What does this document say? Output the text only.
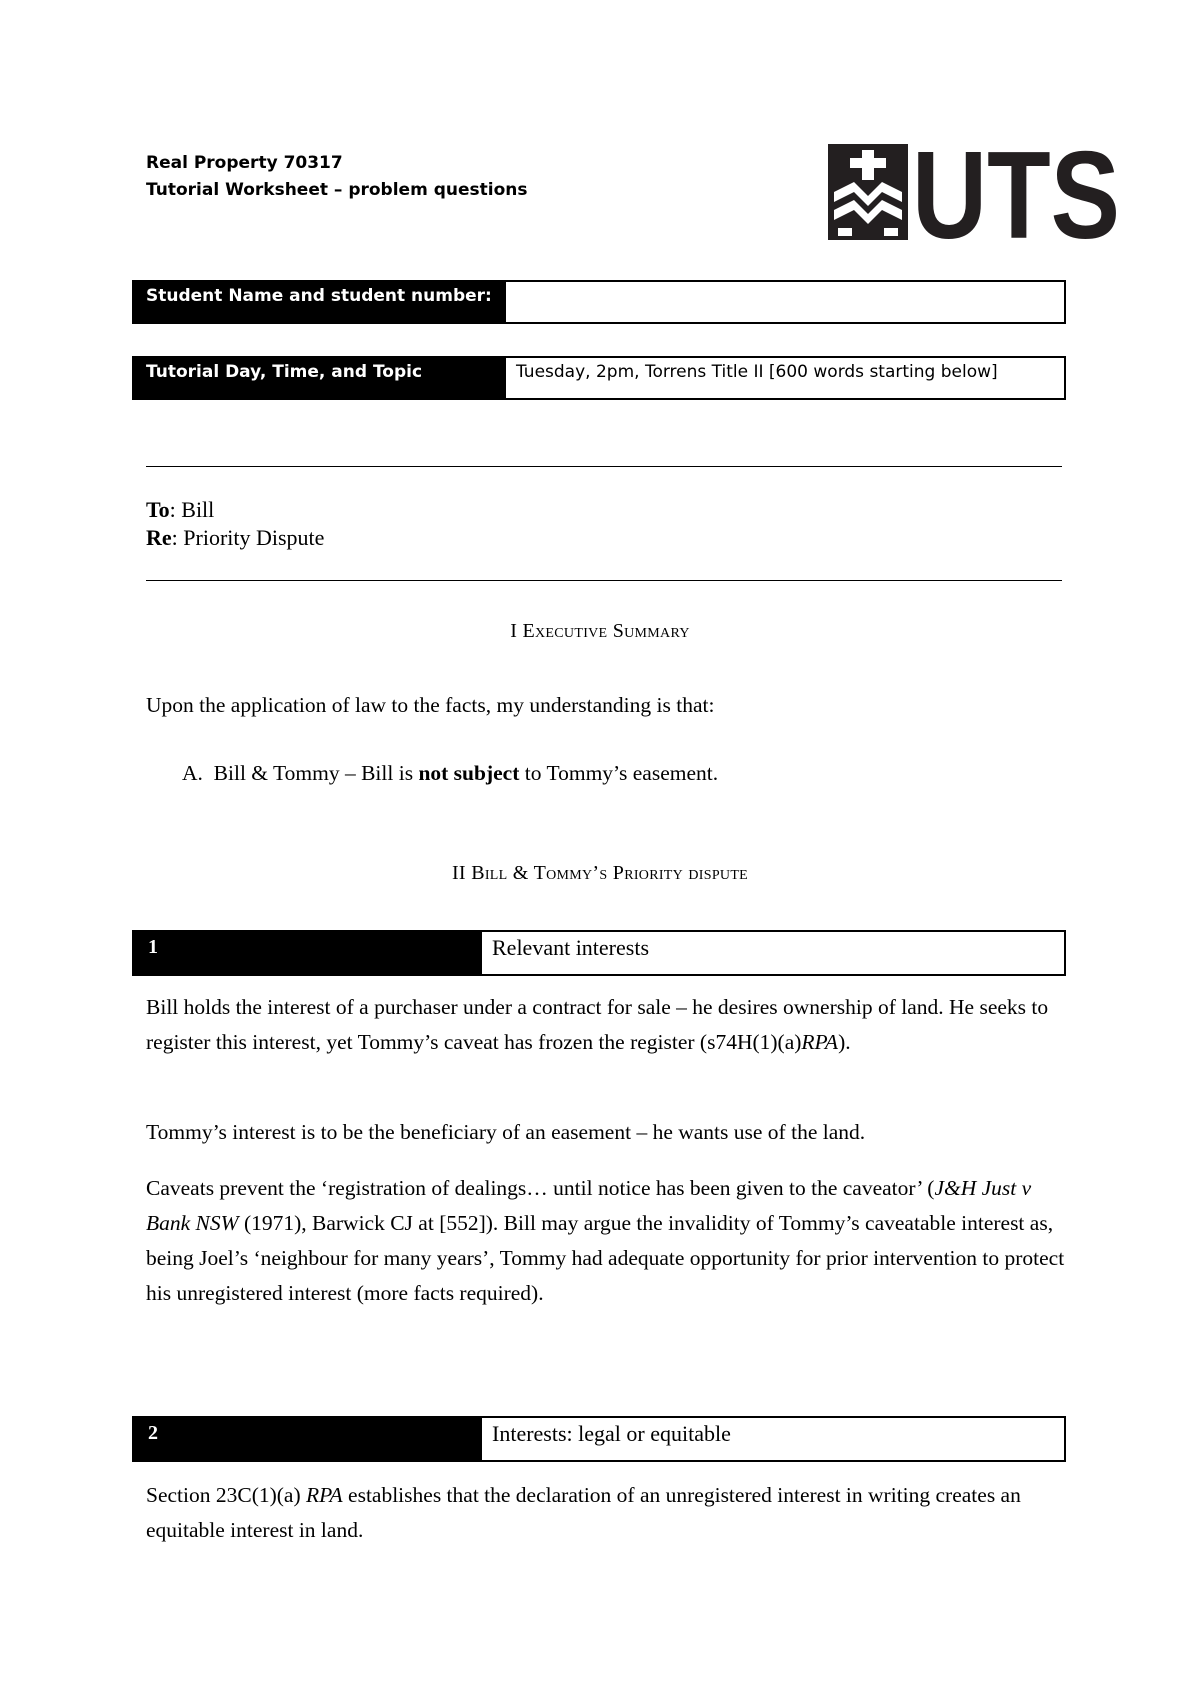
Real Property 70317
Tutorial Worksheet – problem questions	UTS
Student Name and student number:
Tutorial Day, Time, and Topic	Tuesday, 2pm, Torrens Title II [600 words starting below]
To: Bill
Re: Priority Dispute
I Executive Summary
Upon the application of law to the facts, my understanding is that:
A. Bill & Tommy – Bill is not subject to Tommy’s easement.
II Bill & Tommy’s Priority dispute
1	Relevant interests
Bill holds the interest of a purchaser under a contract for sale – he desires ownership of land. He seeks to register this interest, yet Tommy’s caveat has frozen the register (s74H(1)(a)RPA).
Tommy’s interest is to be the beneficiary of an easement – he wants use of the land.
Caveats prevent the ‘registration of dealings… until notice has been given to the caveator’ (J&H Just v Bank NSW (1971), Barwick CJ at [552]). Bill may argue the invalidity of Tommy’s caveatable interest as, being Joel’s ‘neighbour for many years’, Tommy had adequate opportunity for prior intervention to protect his unregistered interest (more facts required).
2	Interests: legal or equitable
Section 23C(1)(a) RPA establishes that the declaration of an unregistered interest in writing creates an equitable interest in land.
